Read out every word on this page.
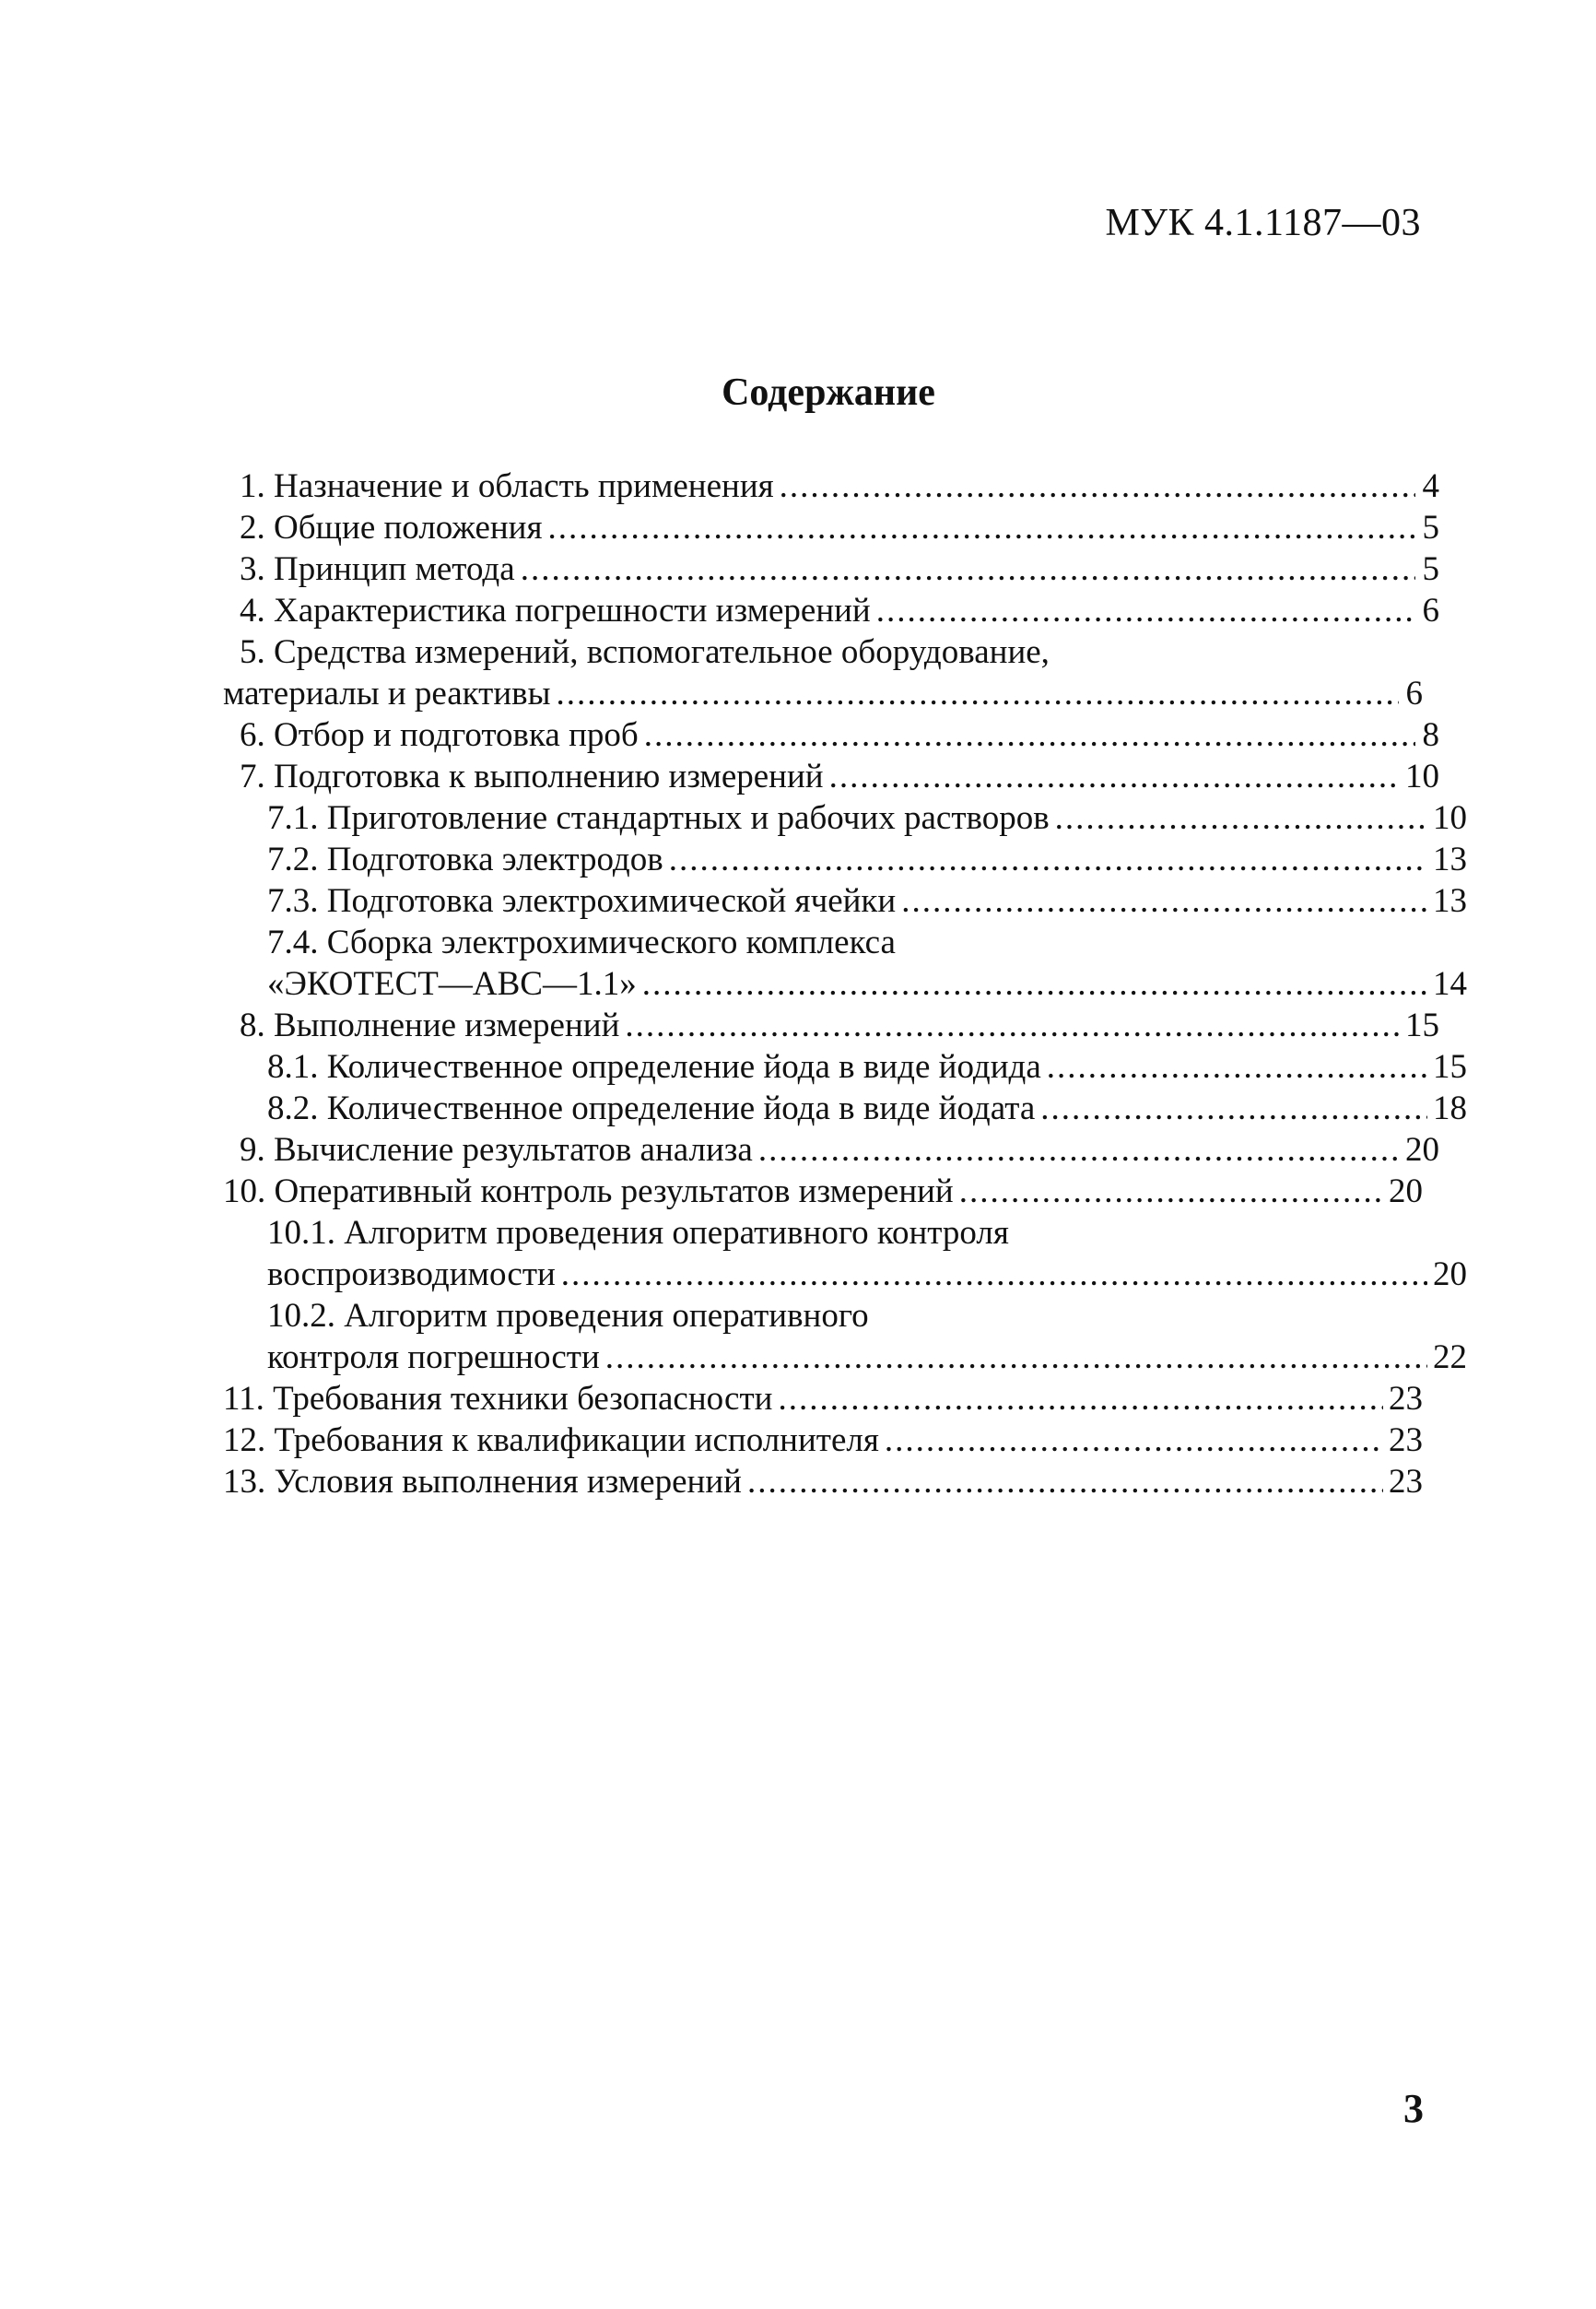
МУК 4.1.1187—03
Содержание
1. Назначение и область применения .....	4
2. Общие положения .....	5
3. Принцип метода .....	5
4. Характеристика погрешности измерений .....	6
5. Средства измерений, вспомогательное оборудование,
материалы и реактивы .....	6
6. Отбор и подготовка проб .....	8
7. Подготовка к выполнению измерений .....	10
7.1. Приготовление стандартных и рабочих растворов .....	10
7.2. Подготовка электродов .....	13
7.3. Подготовка электрохимической ячейки .....	13
7.4. Сборка электрохимического комплекса
«ЭКОТЕСТ—АВС—1.1» .....	14
8. Выполнение измерений .....	15
8.1. Количественное определение йода в виде йодида .....	15
8.2. Количественное определение йода в виде йодата .....	18
9. Вычисление результатов анализа .....	20
10. Оперативный контроль результатов измерений .....	20
10.1. Алгоритм проведения оперативного контроля
воспроизводимости .....	20
10.2. Алгоритм проведения оперативного
контроля погрешности .....	22
11. Требования техники безопасности .....	23
12. Требования к квалификации исполнителя .....	23
13. Условия выполнения измерений .....	23
3
